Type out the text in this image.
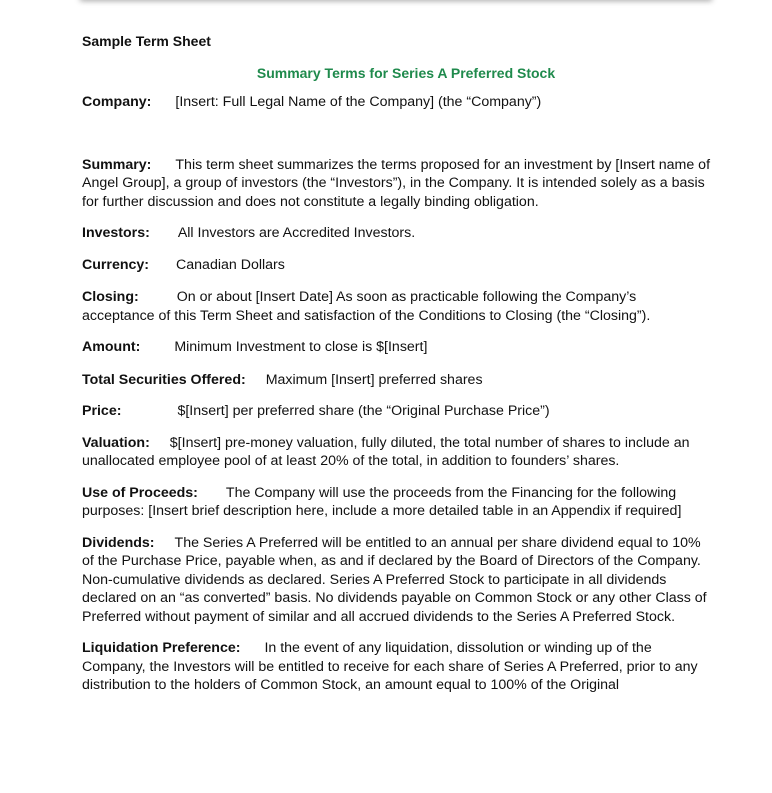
Sample Term Sheet

Summary Terms for Series A Preferred Stock

Company: [Insert: Full Legal Name of the Company] (the “Company”)

Summary: This term sheet summarizes the terms proposed for an investment by [Insert name of Angel Group], a group of investors (the “Investors”), in the Company. It is intended solely as a basis for further discussion and does not constitute a legally binding obligation.

Investors: All Investors are Accredited Investors.

Currency: Canadian Dollars

Closing:	On or about [Insert Date] As soon as practicable following the Company’s acceptance of this Term Sheet and satisfaction of the Conditions to Closing (the “Closing”).

Amount: Minimum Investment to close is $[Insert]

Total Securities Offered: Maximum [Insert] preferred shares

Price:	$[Insert] per preferred share (the “Original Purchase Price”)

Valuation: $[Insert] pre-money valuation, fully diluted, the total number of shares to include an unallocated employee pool of at least 20% of the total, in addition to founders’ shares.

Use of Proceeds: The Company will use the proceeds from the Financing for the following purposes: [Insert brief description here, include a more detailed table in an Appendix if required]

Dividends: The Series A Preferred will be entitled to an annual per share dividend equal to 10% of the Purchase Price, payable when, as and if declared by the Board of Directors of the Company. Non-cumulative dividends as declared. Series A Preferred Stock to participate in all dividends declared on an “as converted” basis. No dividends payable on Common Stock or any other Class of Preferred without payment of similar and all accrued dividends to the Series A Preferred Stock.

Liquidation Preference: In the event of any liquidation, dissolution or winding up of the Company, the Investors will be entitled to receive for each share of Series A Preferred, prior to any distribution to the holders of Common Stock, an amount equal to 100% of the Original
